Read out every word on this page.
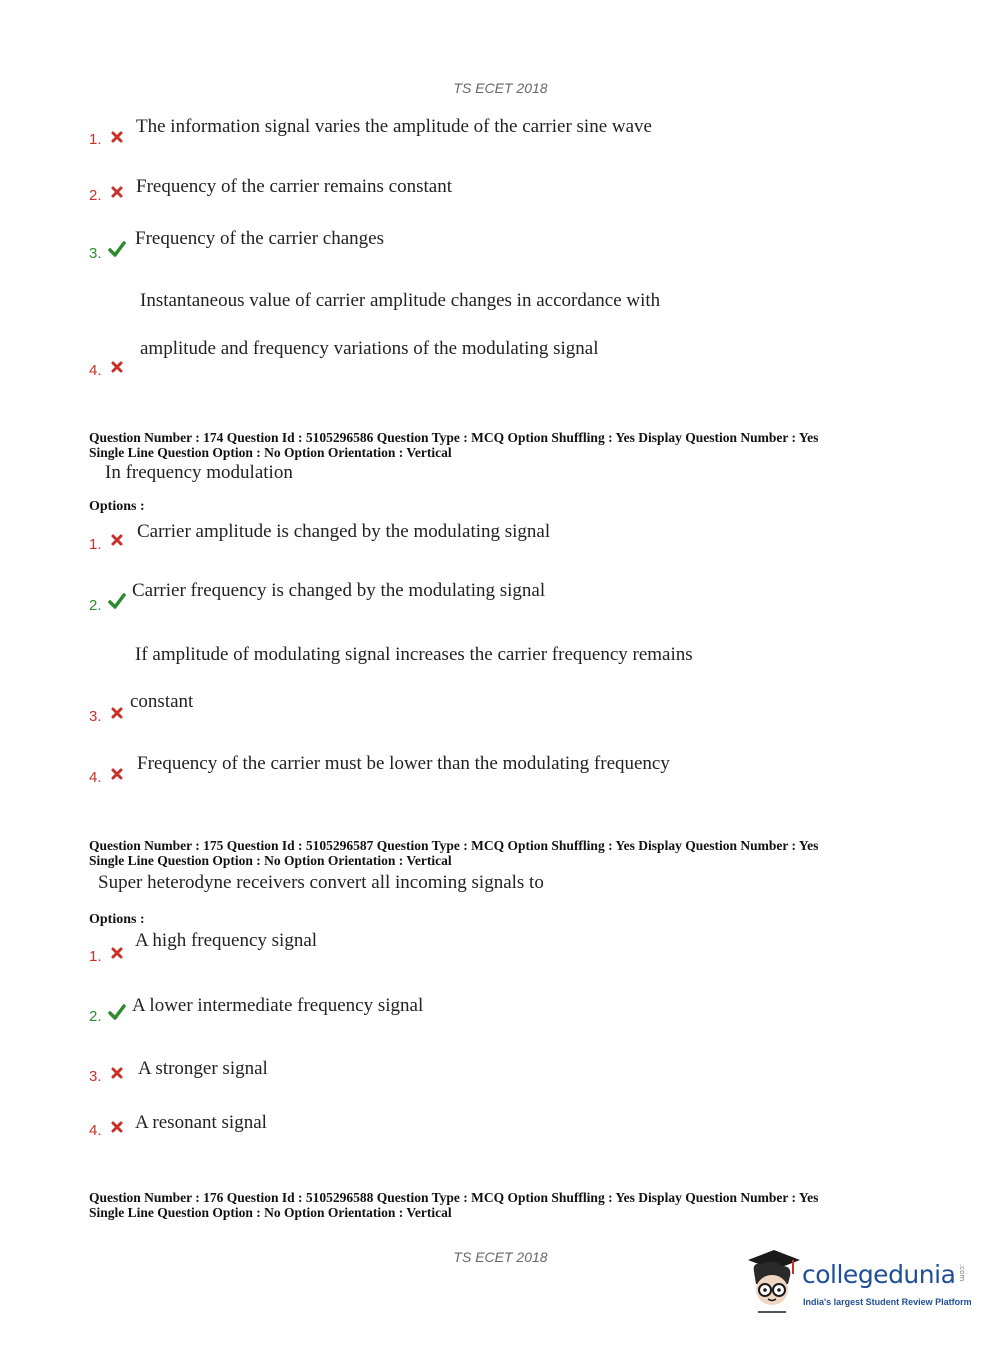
TS ECET 2018
1.
The information signal varies the amplitude of the carrier sine wave
2. Frequency of the carrier remains constant
3.
Frequency of the carrier changes
Instantaneous value of carrier amplitude changes in accordance with
amplitude and frequency variations of the modulating signal
4.
Question Number : 174 Question Id : 5105296586 Question Type : MCQ Option Shuffling : Yes Display Question Number : Yes
Single Line Question Option : No Option Orientation : Vertical
In frequency modulation
Options :
1.
Carrier amplitude is changed by the modulating signal
2.
Carrier frequency is changed by the modulating signal
If amplitude of modulating signal increases the carrier frequency remains
constant
3.
4.
Frequency of the carrier must be lower than the modulating frequency
Question Number : 175 Question Id : 5105296587 Question Type : MCQ Option Shuffling : Yes Display Question Number : Yes
Single Line Question Option : No Option Orientation : Vertical
Super heterodyne receivers convert all incoming signals to
Options :
1.
A high frequency signal
2.
A lower intermediate frequency signal
3. A stronger signal
4. A resonant signal
Question Number : 176 Question Id : 5105296588 Question Type : MCQ Option Shuffling : Yes Display Question Number : Yes
Single Line Question Option : No Option Orientation : Vertical
TS ECET 2018
collegedunia .com
India's largest Student Review Platform
